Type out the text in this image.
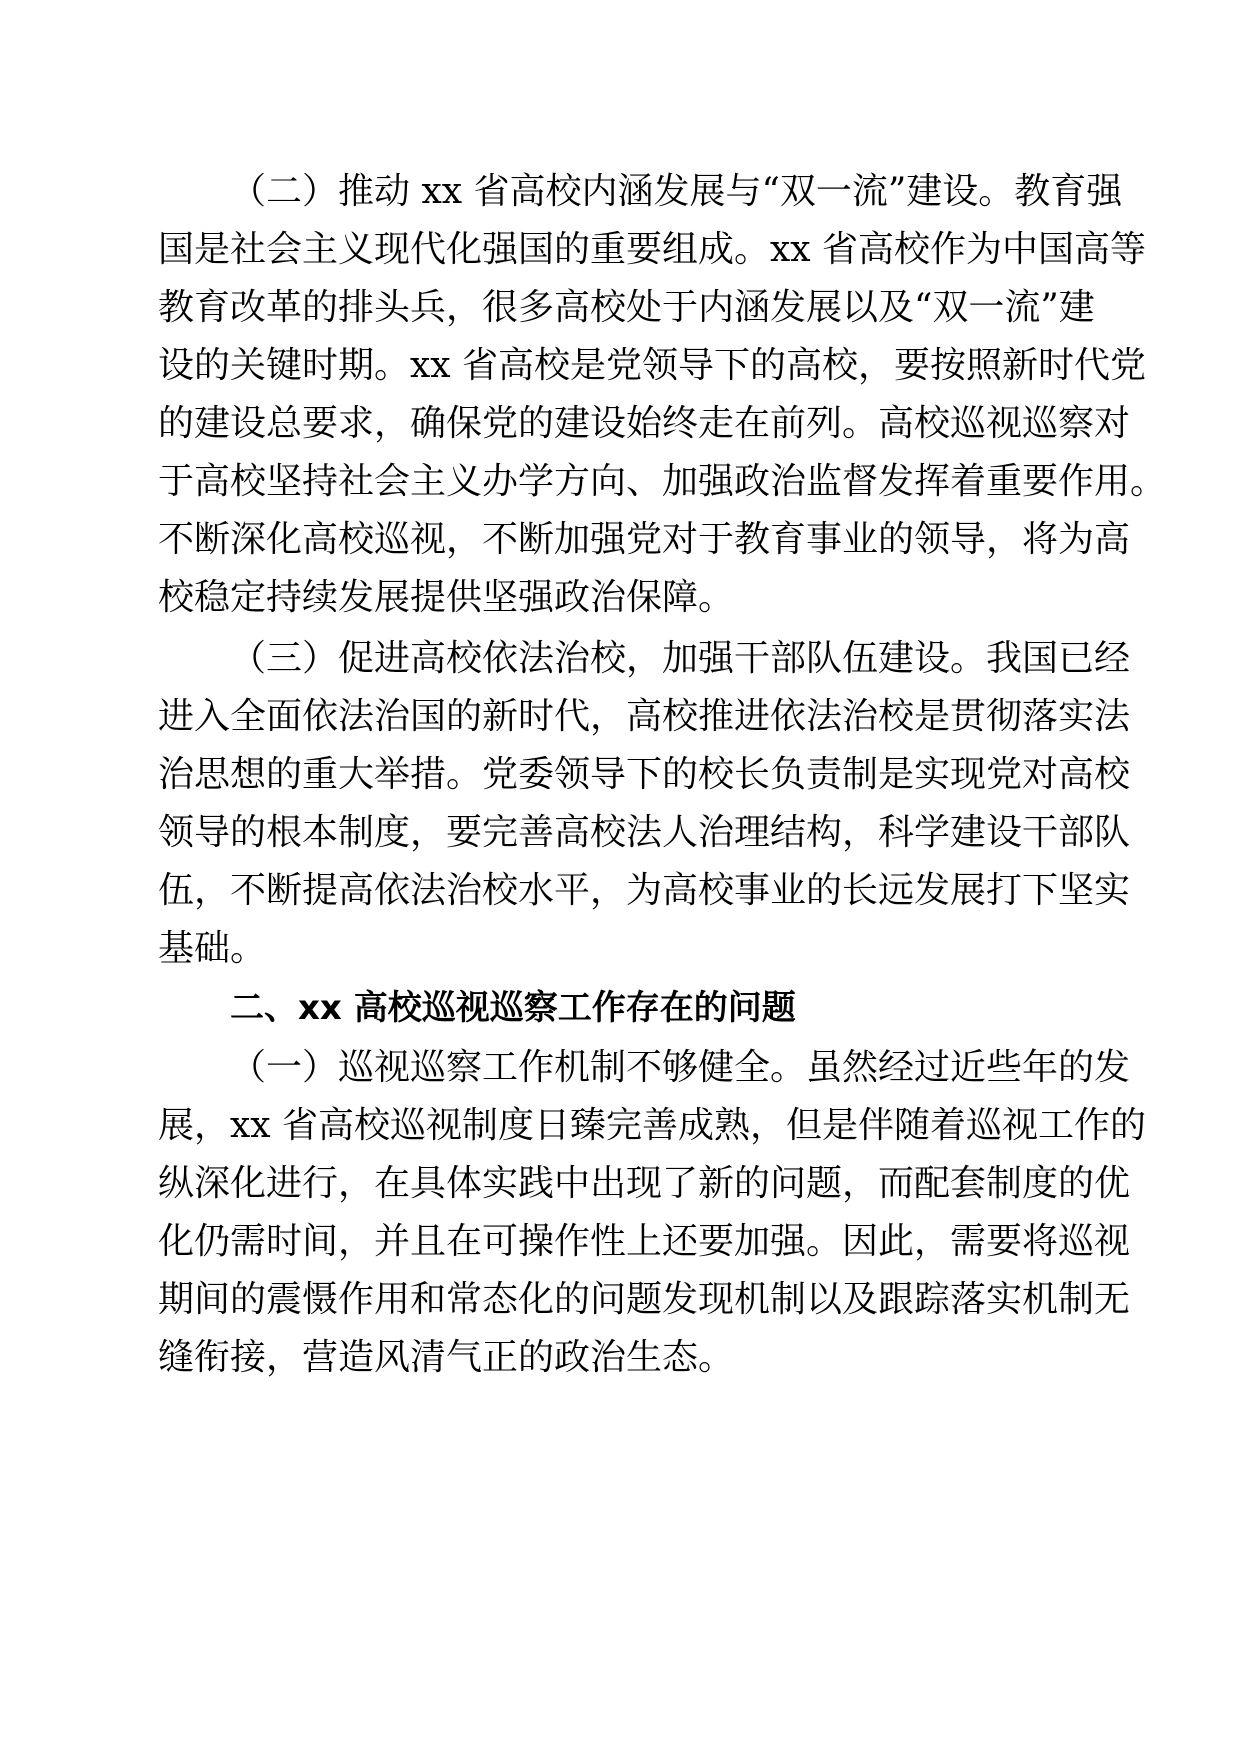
（二）推动 xx 省高校内涵发展与“双一流”建设。教育强

国是社会主义现代化强国的重要组成。xx 省高校作为中国高等

教育改革的排头兵，很多高校处于内涵发展以及“双一流”建

设的关键时期。xx 省高校是党领导下的高校，要按照新时代党

的建设总要求，确保党的建设始终走在前列。高校巡视巡察对

于高校坚持社会主义办学方向、加强政治监督发挥着重要作用。

不断深化高校巡视，不断加强党对于教育事业的领导，将为高

校稳定持续发展提供坚强政治保障。

（三）促进高校依法治校，加强干部队伍建设。我国已经

进入全面依法治国的新时代，高校推进依法治校是贯彻落实法

治思想的重大举措。党委领导下的校长负责制是实现党对高校

领导的根本制度，要完善高校法人治理结构，科学建设干部队

伍，不断提高依法治校水平，为高校事业的长远发展打下坚实

基础。

二、xx 高校巡视巡察工作存在的问题

（一）巡视巡察工作机制不够健全。虽然经过近些年的发

展，xx 省高校巡视制度日臻完善成熟，但是伴随着巡视工作的

纵深化进行，在具体实践中出现了新的问题，而配套制度的优

化仍需时间，并且在可操作性上还要加强。因此，需要将巡视

期间的震慑作用和常态化的问题发现机制以及跟踪落实机制无

缝衔接，营造风清气正的政治生态。
